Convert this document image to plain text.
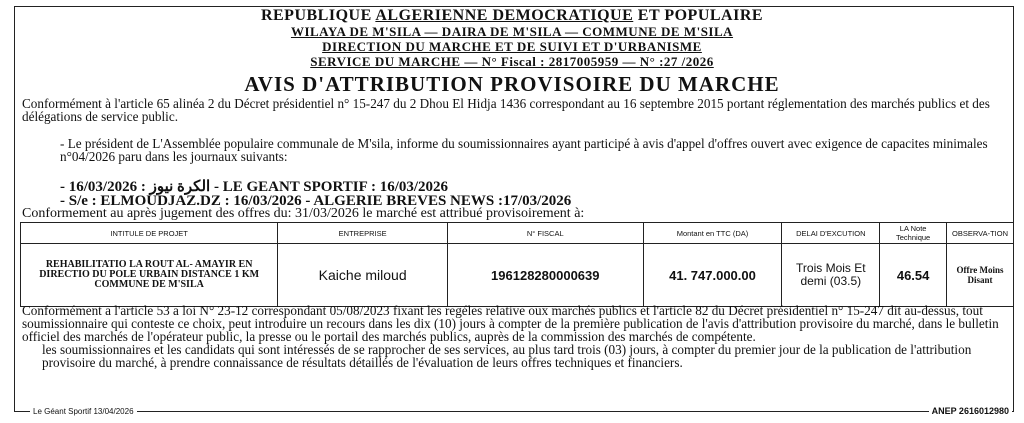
REPUBLIQUE ALGERIENNE DEMOCRATIQUE ET POPULAIRE
WILAYA DE M'SILA — DAIRA DE M'SILA — COMMUNE DE M'SILA
DIRECTION DU MARCHE ET DE SUIVI ET D'URBANISME
SERVICE DU MARCHE — N° Fiscal : 2817005959 — N° :27 /2026
AVIS D'ATTRIBUTION PROVISOIRE DU MARCHE
Conformément à l'article 65 alinéa 2 du Décret présidentiel n° 15-247 du 2 Dhou El Hidja 1436 correspondant au 16 septembre 2015 portant réglementation des marchés publics et des délégations de service public.
- Le président de L'Assemblée populaire communale de M'sila, informe du soumissionnaires ayant participé à avis d'appel d'offres ouvert avec exigence de capacites minimales n°04/2026 paru dans les journaux suivants:
- الكرة نيوز : 16/03/2026 - LE GEANT SPORTIF : 16/03/2026
- S/e : ELMOUDJAZ.DZ : 16/03/2026 - ALGERIE BREVES NEWS :17/03/2026
Conformement au après jugement des offres du: 31/03/2026 le marché est attribué provisoirement à:
INTITULE DE PROJET	ENTREPRISE	N° FISCAL	Montant en TTC (DA)	DELAI D'EXCUTION	LA Note Technique	OBSERVA-TION
REHABILITATIO LA ROUT AL- AMAYIR EN DIRECTIO DU POLE URBAIN DISTANCE 1 KM COMMUNE DE M'SILA	Kaiche miloud	196128280000639	41. 747.000.00	Trois Mois Et demi (03.5)	46.54	Offre Moins Disant
Conformément a l'article 53 a loi N° 23-12 correspondant 05/08/2023 fixant les regéles relative oux marchés publics et l'article 82 du Décret présidentiel n° 15-247 dit au-dessus, tout soumissionnaire qui conteste ce choix, peut introduire un recours dans les dix (10) jours à compter de la première publication de l'avis d'attribution provisoire du marché, dans le bulletin officiel des marchés de l'opérateur public, la presse ou le portail des marchés publics, auprès de la commission des marchés de compétente.
les soumissionnaires et les candidats qui sont intéressés de se rapprocher de ses services, au plus tard trois (03) jours, à compter du premier jour de la publication de l'attribution provisoire du marché, à prendre connaissance de résultats détaillés de l'évaluation de leurs offres techniques et financiers.
Le Géant Sportif 13/04/2026	ANEP 2616012980
